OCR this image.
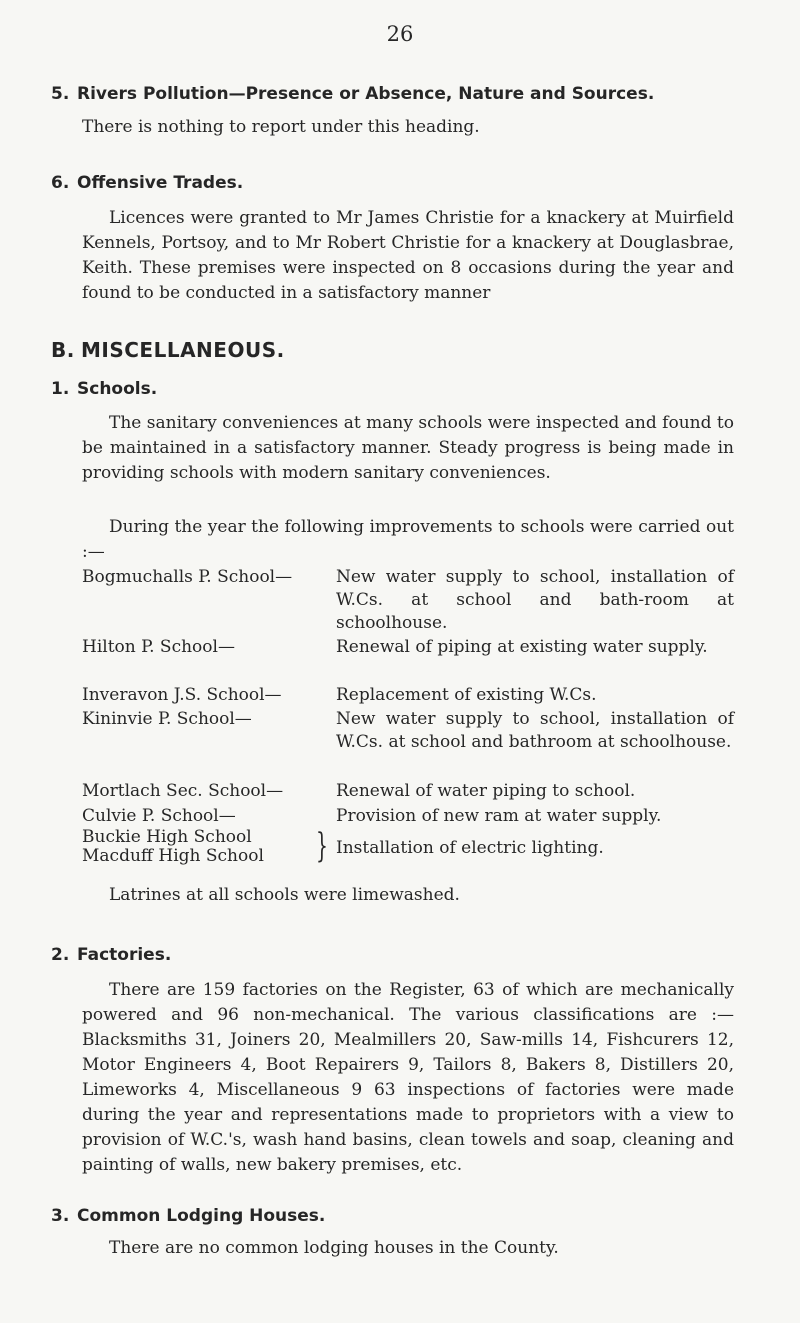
26
5. Rivers Pollution—Presence or Absence, Nature and Sources.
There is nothing to report under this heading.
6. Offensive Trades.
Licences were granted to Mr James Christie for a knackery at Muirfield Kennels, Portsoy, and to Mr Robert Christie for a knackery at Douglasbrae, Keith. These premises were inspected on 8 occasions during the year and found to be conducted in a satisfactory manner
B. MISCELLANEOUS.
1. Schools.
The sanitary conveniences at many schools were inspected and found to be maintained in a satisfactory manner. Steady progress is being made in providing schools with modern sanitary conveniences.
During the year the following improvements to schools were carried out :—
Bogmuchalls P. School—	New water supply to school, installation of W.Cs. at school and bath-room at schoolhouse.
Hilton P. School—	Renewal of piping at existing water supply.
Inveravon J.S. School—	Replacement of existing W.Cs.
Kininvie P. School—	New water supply to school, installation of W.Cs. at school and bathroom at schoolhouse.
Mortlach Sec. School—	Renewal of water piping to school.
Culvie P. School—	Provision of new ram at water supply.
Buckie High School
Macduff High School } Installation of electric lighting.
Latrines at all schools were limewashed.
2. Factories.
There are 159 factories on the Register, 63 of which are mechanically powered and 96 non-mechanical. The various classifications are :—Blacksmiths 31, Joiners 20, Mealmillers 20, Saw-mills 14, Fishcurers 12, Motor Engineers 4, Boot Repairers 9, Tailors 8, Bakers 8, Distillers 20, Limeworks 4, Miscellaneous 9 63 inspections of factories were made during the year and representations made to proprietors with a view to provision of W.C.'s, wash hand basins, clean towels and soap, cleaning and painting of walls, new bakery premises, etc.
3. Common Lodging Houses.
There are no common lodging houses in the County.
